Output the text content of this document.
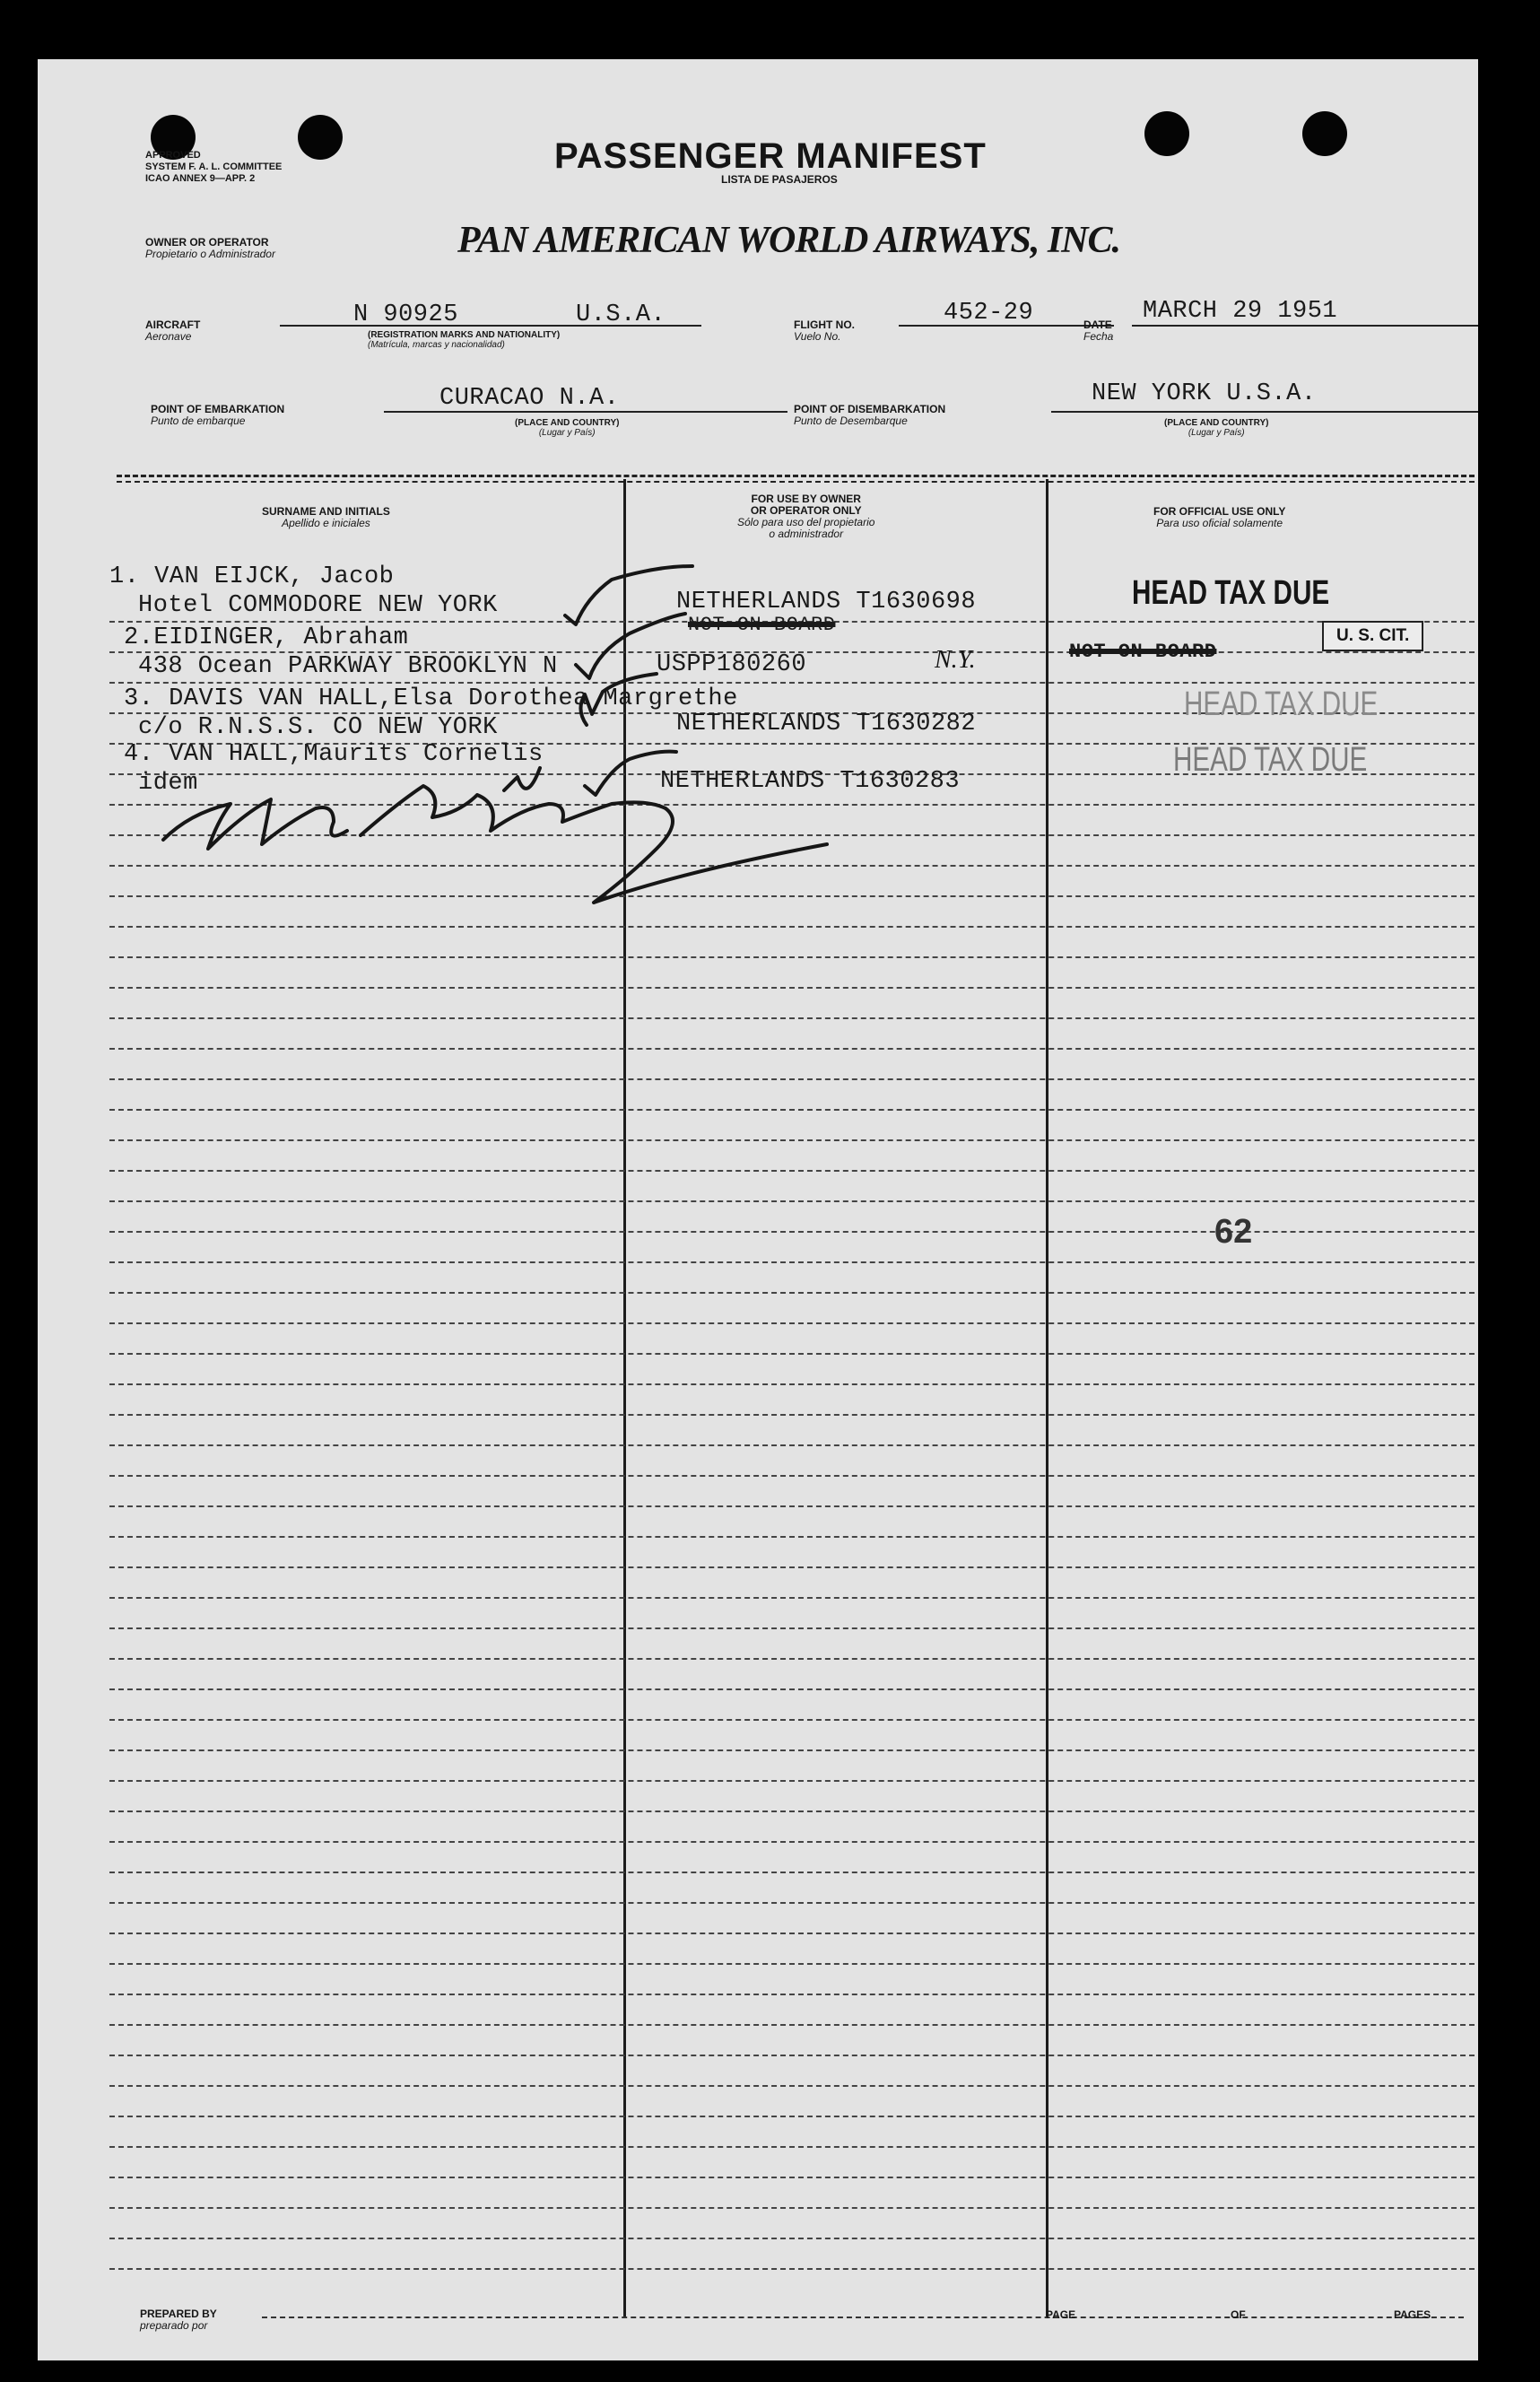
APPROVED
SYSTEM F. A. L. COMMITTEE
ICAO ANNEX 9—APP. 2
PASSENGER MANIFEST
LISTA DE PASAJEROS
OWNER OR OPERATOR
Propietario o Administrador	PAN AMERICAN WORLD AIRWAYS, INC.
AIRCRAFT
Aeronave
N 90925	U.S.A.
(REGISTRATION MARKS AND NATIONALITY)
(Matrícula, marcas y nacionalidad)
FLIGHT NO.
Vuelo No.
452-29	DATE
Fecha
MARCH 29 1951
POINT OF EMBARKATION
Punto de embarque
CURACAO N.A.
(PLACE AND COUNTRY)
(Lugar y País)
POINT OF DISEMBARKATION
Punto de Desembarque
NEW YORK U.S.A.
(PLACE AND COUNTRY)
(Lugar y País)
SURNAME AND INITIALS
Apellido e iniciales
FOR USE BY OWNER
OR OPERATOR ONLY
Sólo para uso del propietario
o administrador
FOR OFFICIAL USE ONLY
Para uso oficial solamente
1. VAN EIJCK, Jacob
Hotel COMMODORE NEW YORK	NETHERLANDS T1630698
NOT ON BOARD
HEAD TAX DUE
2.EIDINGER, Abraham
438 Ocean PARKWAY BROOKLYN N	USPP180260	N.Y.	NOT ON BOARD
U. S. CIT.
3. DAVIS VAN HALL,Elsa Dorothea Margrethe
c/o R.N.S.S. CO NEW YORK	NETHERLANDS T1630282
HEAD TAX DUE
4. VAN HALL,Maurits Cornelis
idem	NETHERLANDS T1630283
HEAD TAX DUE
62
PREPARED BY
preparado por
PAGE	OF	PAGES
